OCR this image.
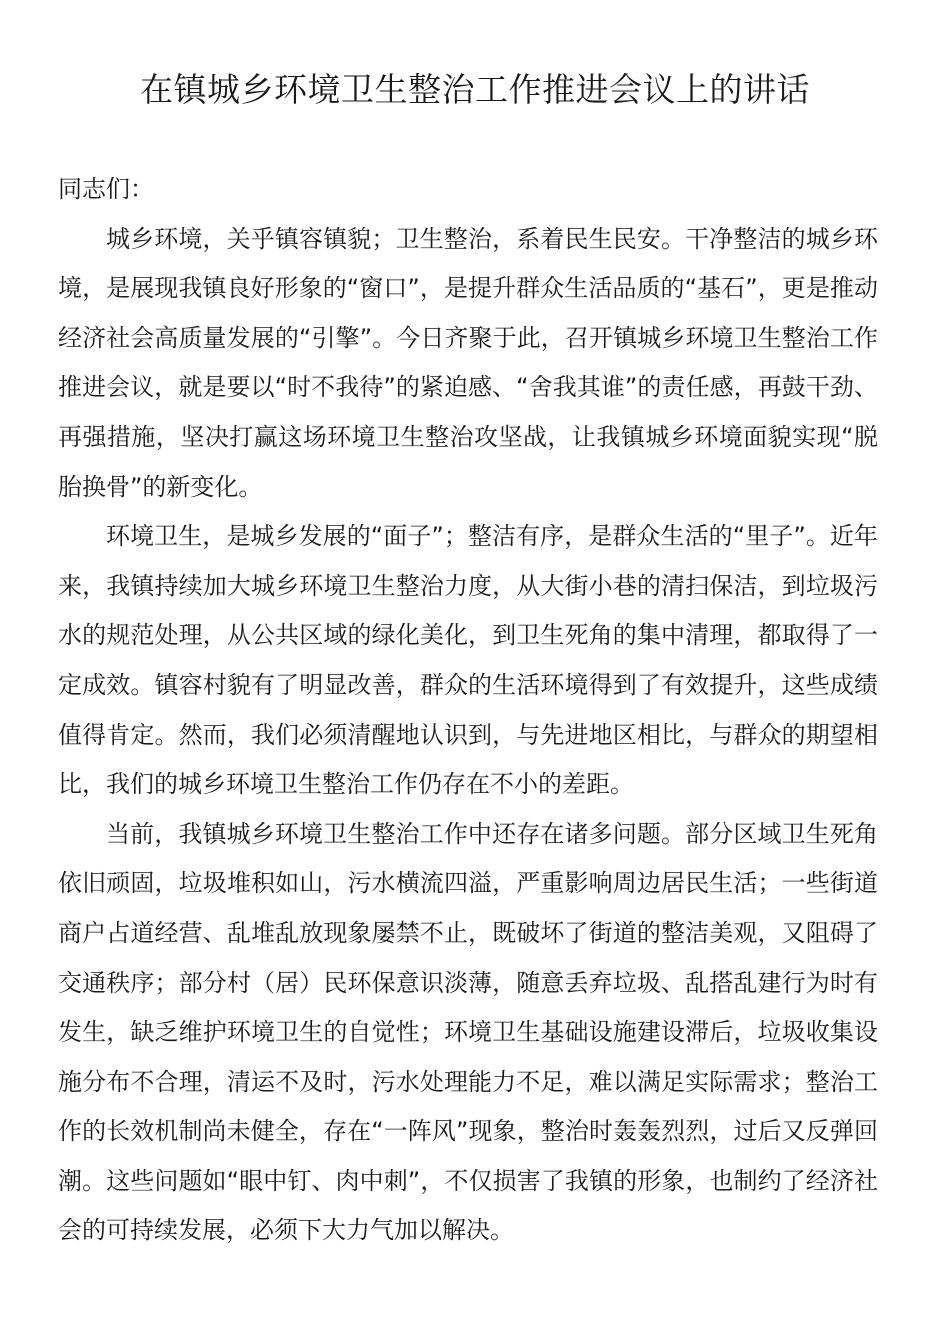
在镇城乡环境卫生整治工作推进会议上的讲话

同志们：

城乡环境，关乎镇容镇貌；卫生整治，系着民生民安。干净整洁的城乡环境，是展现我镇良好形象的“窗口”，是提升群众生活品质的“基石”，更是推动经济社会高质量发展的“引擎”。今日齐聚于此，召开镇城乡环境卫生整治工作推进会议，就是要以“时不我待”的紧迫感、“舍我其谁”的责任感，再鼓干劲、再强措施，坚决打赢这场环境卫生整治攻坚战，让我镇城乡环境面貌实现“脱胎换骨”的新变化。

环境卫生，是城乡发展的“面子”；整洁有序，是群众生活的“里子”。近年来，我镇持续加大城乡环境卫生整治力度，从大街小巷的清扫保洁，到垃圾污水的规范处理，从公共区域的绿化美化，到卫生死角的集中清理，都取得了一定成效。镇容村貌有了明显改善，群众的生活环境得到了有效提升，这些成绩值得肯定。然而，我们必须清醒地认识到，与先进地区相比，与群众的期望相比，我们的城乡环境卫生整治工作仍存在不小的差距。

当前，我镇城乡环境卫生整治工作中还存在诸多问题。部分区域卫生死角依旧顽固，垃圾堆积如山，污水横流四溢，严重影响周边居民生活；一些街道商户占道经营、乱堆乱放现象屡禁不止，既破坏了街道的整洁美观，又阻碍了交通秩序；部分村（居）民环保意识淡薄，随意丢弃垃圾、乱搭乱建行为时有发生，缺乏维护环境卫生的自觉性；环境卫生基础设施建设滞后，垃圾收集设施分布不合理，清运不及时，污水处理能力不足，难以满足实际需求；整治工作的长效机制尚未健全，存在“一阵风”现象，整治时轰轰烈烈，过后又反弹回潮。这些问题如“眼中钉、肉中刺”，不仅损害了我镇的形象，也制约了经济社会的可持续发展，必须下大力气加以解决。
